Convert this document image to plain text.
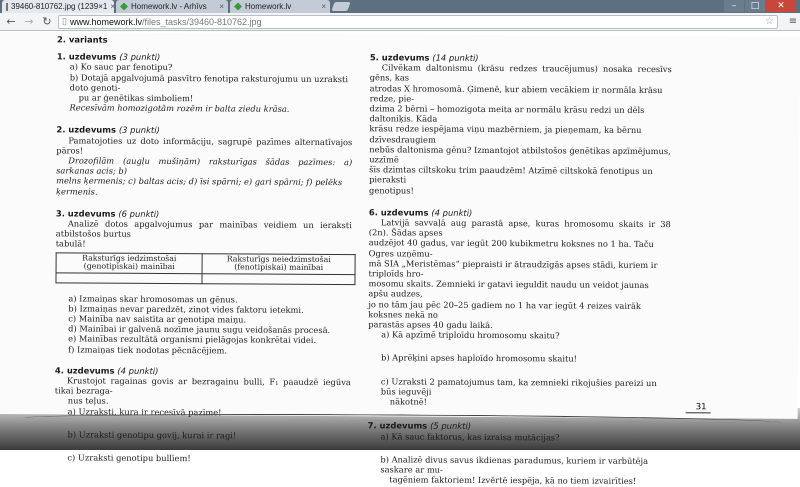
39460-810762.jpg (1239×1 × Homework.lv - Arhīvs ×	Homework.lv	×	–	□	✕
← → ↻ ▯ www.homework.lv /files_tasks/39460-810762.jpg	☆	≡
2. variants
1. uzdevums (3 punkti)
a) Ko sauc par fenotipu?
b) Dotajā apgalvojumā pasvītro fenotipa raksturojumu un uzraksti doto genoti-
pu ar ģenētikas simboliem!
Recesīvām homozigotām rozēm ir balta ziedu krāsa.
2. uzdevums (3 punkti)
Pamatojoties uz doto informāciju, sagrupē pazīmes alternatīvajos pāros!
Drozofilām (augļu mušiņām) raksturīgas šādas pazīmes: a) sarkanas acis; b)
melns ķermenis; c) baltas acis; d) īsi spārni; e) gari spārni; f) pelēks ķermenis.
3. uzdevums (6 punkti)
Analizē dotos apgalvojumus par mainības veidiem un ieraksti atbilstošos burtus
tabulā!
Raksturīgs iedzimstošai (genotipiskai) mainībai	Raksturīgs neiedzimstošai (fenotipiskai) mainībai

a) Izmaiņas skar hromosomas un gēnus.
b) Izmaiņas nevar paredzēt, zinot vides faktoru ietekmi.
c) Mainība nav saistīta ar genotipa maiņu.
d) Mainībai ir galvenā nozīme jaunu sugu veidošanās procesā.
e) Mainības rezultātā organismi pielāgojas konkrētai videi.
f) Izmaiņas tiek nodotas pēcnācējiem.
4. uzdevums (4 punkti)
Krustojot ragainas govis ar bezragainu bulli, F₁ paaudzē iegūva tikai bezraga-
nus teļus.
a) Uzraksti, kura ir recesīvā pazīme!
b) Uzraksti genotipu govij, kurai ir ragi!
c) Uzraksti genotipu bullīem!
5. uzdevums (14 punkti)
Cilvēkam daltonismu (krāsu redzes traucējumus) nosaka recesīvs gēns, kas
atrodas X hromosomā. Ģimenē, kur abiem vecākiem ir normāla krāsu redze, pie-
dzima 2 bērni – homozigota meita ar normālu krāsu redzi un dēls daltoniķis. Kāda
krāsu redze iespējama viņu mazbērniem, ja pieņemam, ka bērnu dzīvesdraugiem
nebūs daltonisma gēnu? Izmantojot atbilstošos ģenētikas apzīmējumus, uzzīmē
šīs dzimtas ciltskoku trim paaudzēm! Atzīmē ciltskokā fenotipus un pieraksti
genotipus!
6. uzdevums (4 punkti)
Latvijā savvaļā aug parastā apse, kuras hromosomu skaits ir 38 (2n). Šādas apses
audzējot 40 gadus, var iegūt 200 kubikmetru koksnes no 1 ha. Taču Ogres uzņēmu-
mā SIA „Meristēmas” piepraisti ir ātraudzīgās apses stādi, kuriem ir triploīds hro-
mosomu skaits. Zemnieki ir gatavi ieguldīt naudu un veidot jaunas apšu audzes,
jo no tām jau pēc 20–25 gadiem no 1 ha var iegūt 4 reizes vairāk koksnes nekā no
parastās apses 40 gadu laikā.
a) Kā apzīmē triploīdu hromosomu skaitu?
b) Aprēķini apses haploīdo hromosomu skaitu!
c) Uzraksti 2 pamatojumus tam, ka zemnieki rikojušies pareizi un būs ieguvēji
nākotnē!
7. uzdevums (5 punkti)
a) Kā sauc faktorus, kas izraisa mutācijas?
b) Analizē divus savus ikdienas paradumus, kuriem ir varbūtēja saskare ar mu-
tagēniem faktoriem! Izvērtē iespēja, kā no tiem izvairīties!
31
